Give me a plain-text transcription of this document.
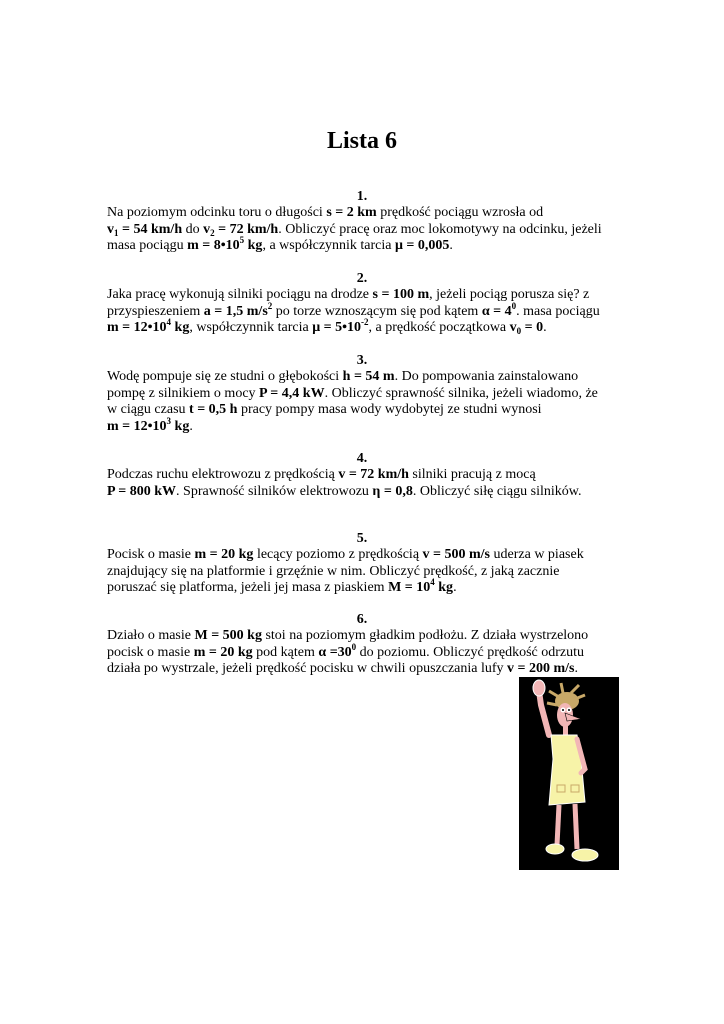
Lista 6
1.
Na poziomym odcinku toru o długości s = 2 km prędkość pociągu wzrosła od
$v_1 = 54$ km/h do $v_2 = 72$ km/h. Obliczyć pracę oraz moc lokomotywy na odcinku, jeżeli
masa pociągu $m = 8•10^5$ kg, a współczynnik tarcia μ = 0,005.
2.
Jaka pracę wykonują silniki pociągu na drodze s = 100 m, jeżeli pociąg porusza się? z
przyspieszeniem a = 1,5 $m/s^2$ po torze wznoszącym się pod kątem $\alpha = 4^0$. masa pociągu
$m = 12•10^4$ kg, współczynnik tarcia $\mu = 5•10^{-2}$, a prędkość początkowa $v_0 = 0$.
3.
Wodę pompuje się ze studni o głębokości h = 54 m. Do pompowania zainstalowano
pompę z silnikiem o mocy P = 4,4 kW. Obliczyć sprawność silnika, jeżeli wiadomo, że
w ciągu czasu t = 0,5 h pracy pompy masa wody wydobytej ze studni wynosi
$m = 12•10^3$ kg.
4.
Podczas ruchu elektrowozu z prędkością v = 72 km/h silniki pracują z mocą
P = 800 kW. Sprawność silników elektrowozu η = 0,8. Obliczyć siłę ciągu silników.
5.
Pocisk o masie m = 20 kg lecący poziomo z prędkością v = 500 m/s uderza w piasek
znajdujący się na platformie i grzęźnie w nim. Obliczyć prędkość, z jaką zacznie
poruszać się platforma, jeżeli jej masa z piaskiem $M = 10^4$ kg.
6.
Działo o masie M = 500 kg stoi na poziomym gładkim podłożu. Z działa wystrzelono
pocisk o masie m = 20 kg pod kątem $\alpha =30^0$ do poziomu. Obliczyć prędkość odrzutu
działa po wystrzale, jeżeli prędkość pocisku w chwili opuszczania lufy v = 200 m/s.
